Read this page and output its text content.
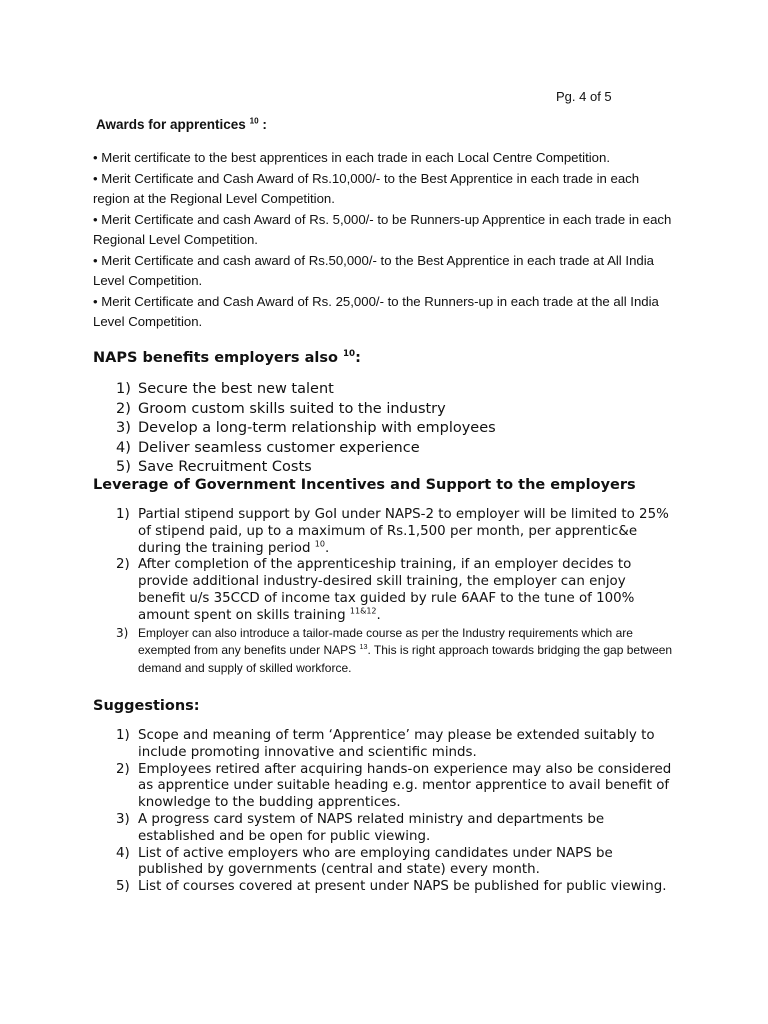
Pg. 4 of 5
Awards for apprentices $^{10}$ :

• Merit certificate to the best apprentices in each trade in each Local Centre Competition.

• Merit Certificate and Cash Award of Rs.10,000/- to the Best Apprentice in each trade in each region at the Regional Level Competition.

• Merit Certificate and cash Award of Rs. 5,000/- to be Runners-up Apprentice in each trade in each Regional Level Competition.

• Merit Certificate and cash award of Rs.50,000/- to the Best Apprentice in each trade at All India Level Competition.

• Merit Certificate and Cash Award of Rs. 25,000/- to the Runners-up in each trade at the all India Level Competition.

NAPS benefits employers also $^{10}$:
1) Secure the best new talent
2) Groom custom skills suited to the industry
3) Develop a long-term relationship with employees
4) Deliver seamless customer experience
5) Save Recruitment Costs
Leverage of Government Incentives and Support to the employers
1) Partial stipend support by GoI under NAPS-2 to employer will be limited to 25% of stipend paid, up to a maximum of Rs.1,500 per month, per apprentic&e during the training period $^{10}$.
2) After completion of the apprenticeship training, if an employer decides to provide additional industry-desired skill training, the employer can enjoy benefit u/s 35CCD of income tax guided by rule 6AAF to the tune of 100% amount spent on skills training $^{11\&12}$.
3) Employer can also introduce a tailor-made course as per the Industry requirements which are exempted from any benefits under NAPS $^{13}$. This is right approach towards bridging the gap between demand and supply of skilled workforce.
Suggestions:
1) Scope and meaning of term ‘Apprentice’ may please be extended suitably to include promoting innovative and scientific minds.
2) Employees retired after acquiring hands-on experience may also be considered as apprentice under suitable heading e.g. mentor apprentice to avail benefit of knowledge to the budding apprentices.
3) A progress card system of NAPS related ministry and departments be established and be open for public viewing.
4) List of active employers who are employing candidates under NAPS be published by governments (central and state) every month.
5) List of courses covered at present under NAPS be published for public viewing.
